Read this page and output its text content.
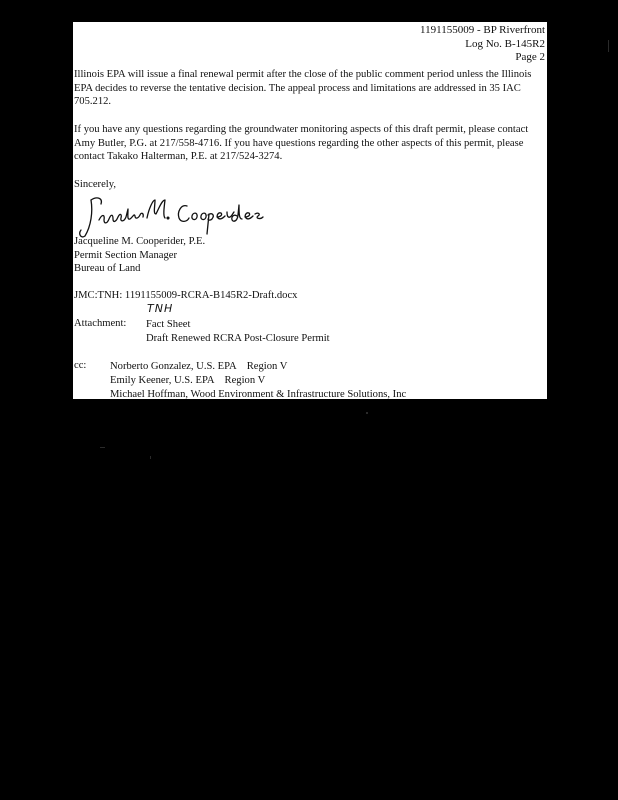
1191155009 - BP Riverfront
Log No. B-145R2
Page 2

Illinois EPA will issue a final renewal permit after the close of the public comment period unless the Illinois EPA decides to reverse the tentative decision. The appeal process and limitations are addressed in 35 IAC 705.212.

If you have any questions regarding the groundwater monitoring aspects of this draft permit, please contact Amy Butler, P.G. at 217/558-4716. If you have questions regarding the other aspects of this permit, please contact Takako Halterman, P.E. at 217/524-3274.

Sincerely,
Jacqueline M. Cooperider, P.E.
Permit Section Manager
Bureau of Land
JMC:TNH: 1191155009-RCRA-B145R2-Draft.docx
TNH
Attachment: Fact Sheet
Draft Renewed RCRA Post-Closure Permit
cc: Norberto Gonzalez, U.S. EPA Region V
Emily Keener, U.S. EPA Region V
Michael Hoffman, Wood Environment & Infrastructure Solutions, Inc
